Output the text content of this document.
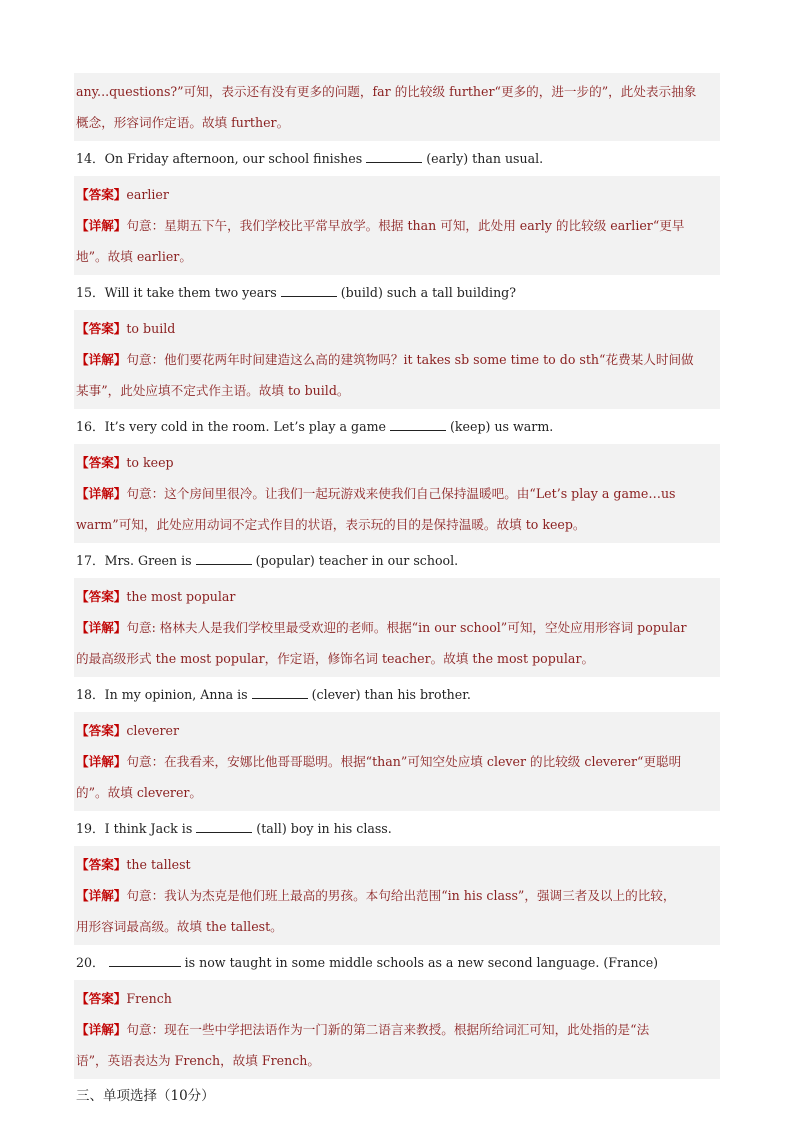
any...questions?”可知，表示还有没有更多的问题，far 的比较级 further“更多的，进一步的”，此处表示抽象
概念，形容词作定语。故填 further。
14．On Friday afternoon, our school finishes	(early) than usual.
【答案】earlier
【详解】句意：星期五下午，我们学校比平常早放学。根据 than 可知，此处用 early 的比较级 earlier“更早
地”。故填 earlier。
15．Will it take them two years	(build) such a tall building?
【答案】to build
【详解】句意：他们要花两年时间建造这么高的建筑物吗？it takes sb some time to do sth“花费某人时间做
某事”，此处应填不定式作主语。故填 to build。
16．It’s very cold in the room. Let’s play a game	(keep) us warm.
【答案】to keep
【详解】句意：这个房间里很冷。让我们一起玩游戏来使我们自己保持温暖吧。由“Let’s play a game…us
warm”可知，此处应用动词不定式作目的状语，表示玩的目的是保持温暖。故填 to keep。
17．Mrs. Green is	(popular) teacher in our school.
【答案】the most popular
【详解】句意: 格林夫人是我们学校里最受欢迎的老师。根据“in our school”可知，空处应用形容词 popular
的最高级形式 the most popular，作定语，修饰名词 teacher。故填 the most popular。
18．In my opinion, Anna is	(clever) than his brother.
【答案】cleverer
【详解】句意：在我看来，安娜比他哥哥聪明。根据“than”可知空处应填 clever 的比较级 cleverer“更聪明
的”。故填 cleverer。
19．I think Jack is	(tall) boy in his class.
【答案】the tallest
【详解】句意：我认为杰克是他们班上最高的男孩。本句给出范围“in his class”，强调三者及以上的比较，
用形容词最高级。故填 the tallest。
20．	is now taught in some middle schools as a new second language. (France)
【答案】French
【详解】句意：现在一些中学把法语作为一门新的第二语言来教授。根据所给词汇可知，此处指的是“法
语”，英语表达为 French，故填 French。
三、单项选择（10分）
